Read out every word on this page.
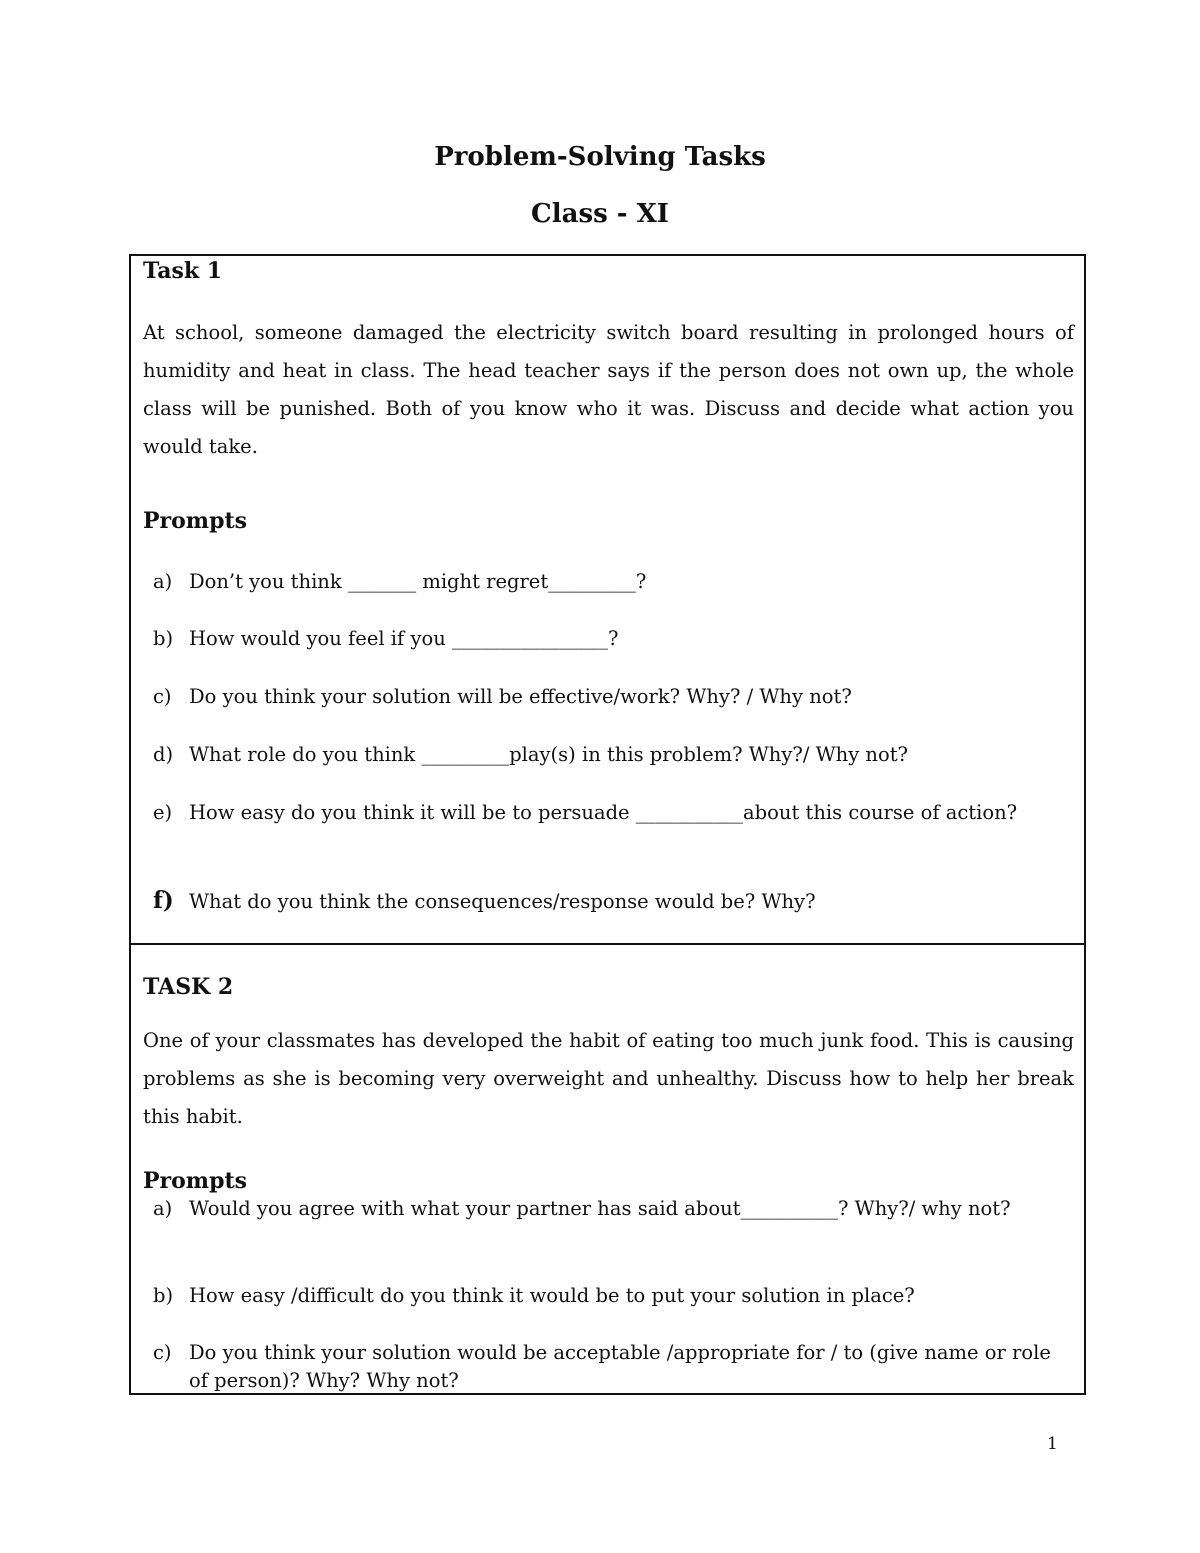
Problem-Solving Tasks
Class - XI
Task 1
At school, someone damaged the electricity switch board resulting in prolonged hours of humidity and heat in class. The head teacher says if the person does not own up, the whole class will be punished. Both of you know who it was. Discuss and decide what action you would take.
Prompts
a) Don’t you think _______ might regret_________?
b) How would you feel if you ________________?
c) Do you think your solution will be effective/work? Why? / Why not?
d) What role do you think _________play(s) in this problem? Why?/ Why not?
e) How easy do you think it will be to persuade ___________about this course of action?
f) What do you think the consequences/response would be? Why?
TASK 2
One of your classmates has developed the habit of eating too much junk food. This is causing problems as she is becoming very overweight and unhealthy. Discuss how to help her break this habit.
Prompts
a) Would you agree with what your partner has said about__________? Why?/ why not?
b) How easy /difficult do you think it would be to put your solution in place?
c) Do you think your solution would be acceptable /appropriate for / to (give name or role of person)? Why? Why not?
1
